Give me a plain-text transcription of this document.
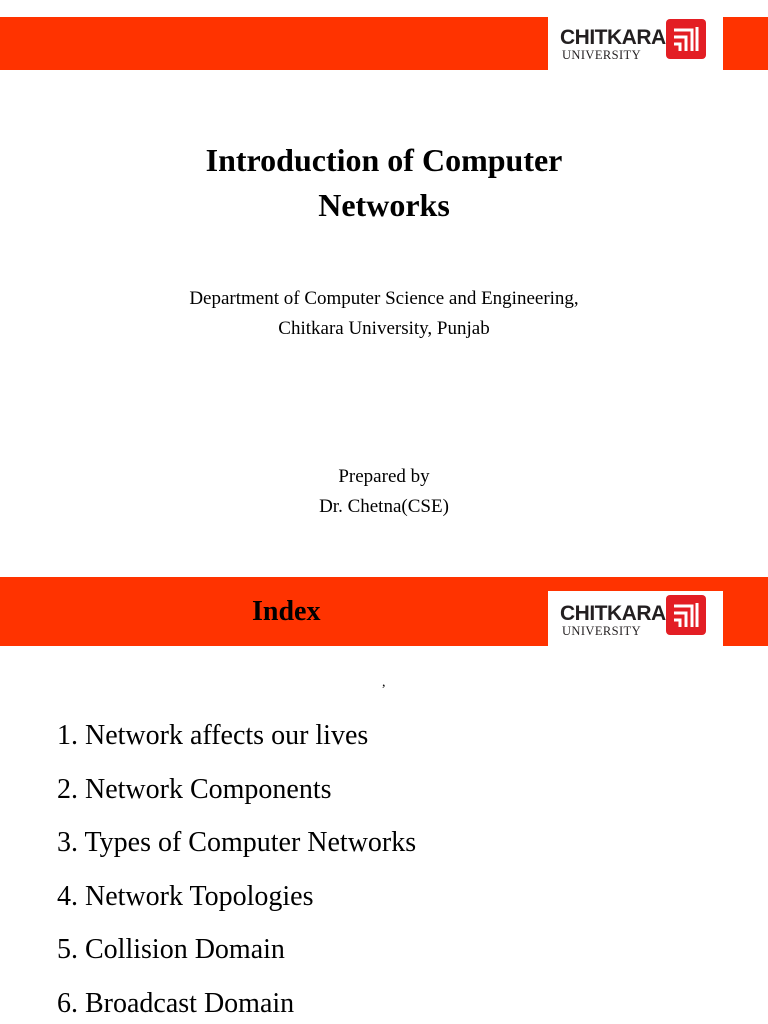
CHITKARA
UNIVERSITY
Introduction of Computer
Networks
Department of Computer Science and Engineering,
Chitkara University, Punjab
Prepared by
Dr. Chetna(CSE)
Index	CHITKARA
UNIVERSITY
,
1. Network affects our lives
2. Network Components
3. Types of Computer Networks
4. Network Topologies
5. Collision Domain
6. Broadcast Domain
